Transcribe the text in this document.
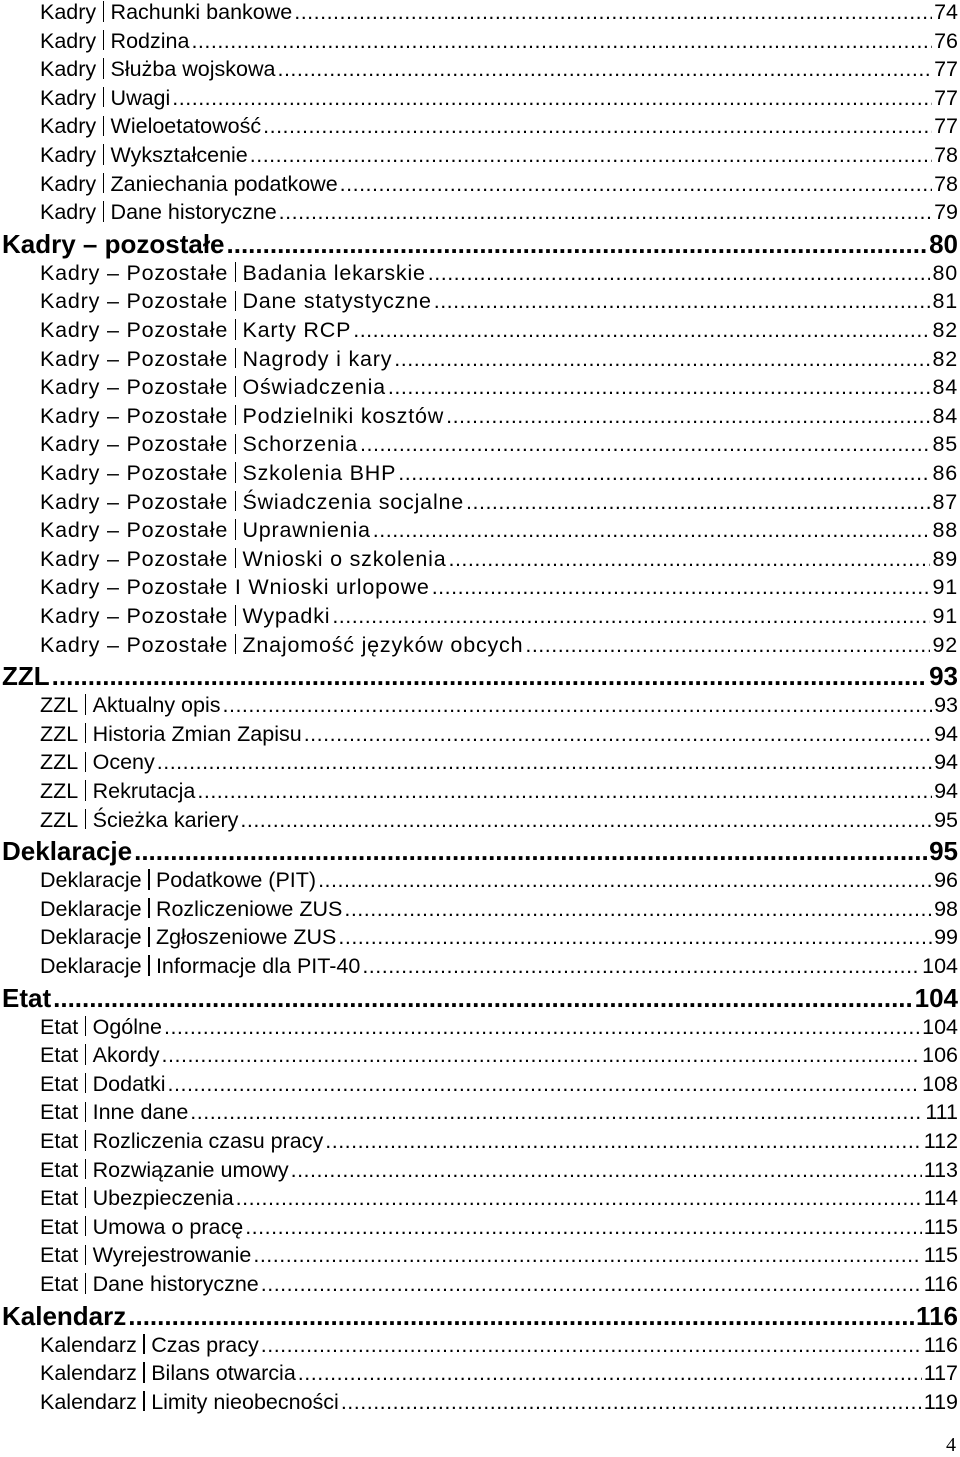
Kadry Rachunki bankowe .....	74
Kadry Rodzina .....	76
Kadry Służba wojskowa .....	77
Kadry Uwagi .....	77
Kadry Wieloetatowość .....	77
Kadry Wykształcenie .....	78
Kadry Zaniechania podatkowe .....	78
Kadry Dane historyczne .....	79
Kadry – pozostałe .....	80
Kadry – Pozostałe Badania lekarskie .....	80
Kadry – Pozostałe Dane statystyczne .....	81
Kadry – Pozostałe Karty RCP .....	82
Kadry – Pozostałe Nagrody i kary .....	82
Kadry – Pozostałe Oświadczenia .....	84
Kadry – Pozostałe Podzielniki kosztów .....	84
Kadry – Pozostałe Schorzenia .....	85
Kadry – Pozostałe Szkolenia BHP .....	86
Kadry – Pozostałe Świadczenia socjalne .....	87
Kadry – Pozostałe Uprawnienia .....	88
Kadry – Pozostałe Wnioski o szkolenia .....	89
Kadry – Pozostałe I Wnioski urlopowe .....	91
Kadry – Pozostałe Wypadki .....	91
Kadry – Pozostałe Znajomość języków obcych .....	92
ZZL .....	93
ZZL Aktualny opis .....	93
ZZL Historia Zmian Zapisu .....	94
ZZL Oceny .....	94
ZZL Rekrutacja .....	94
ZZL Ścieżka kariery .....	95
Deklaracje .....	95
Deklaracje Podatkowe (PIT) .....	96
Deklaracje Rozliczeniowe ZUS .....	98
Deklaracje Zgłoszeniowe ZUS .....	99
Deklaracje Informacje dla PIT-40 .....	104
Etat .....	104
Etat Ogólne .....	104
Etat Akordy .....	106
Etat Dodatki .....	108
Etat Inne dane .....	111
Etat Rozliczenia czasu pracy .....	112
Etat Rozwiązanie umowy .....	113
Etat Ubezpieczenia .....	114
Etat Umowa o pracę .....	115
Etat Wyrejestrowanie .....	115
Etat Dane historyczne .....	116
Kalendarz .....	116
Kalendarz Czas pracy .....	116
Kalendarz Bilans otwarcia .....	117
Kalendarz Limity nieobecności .....	119
4
